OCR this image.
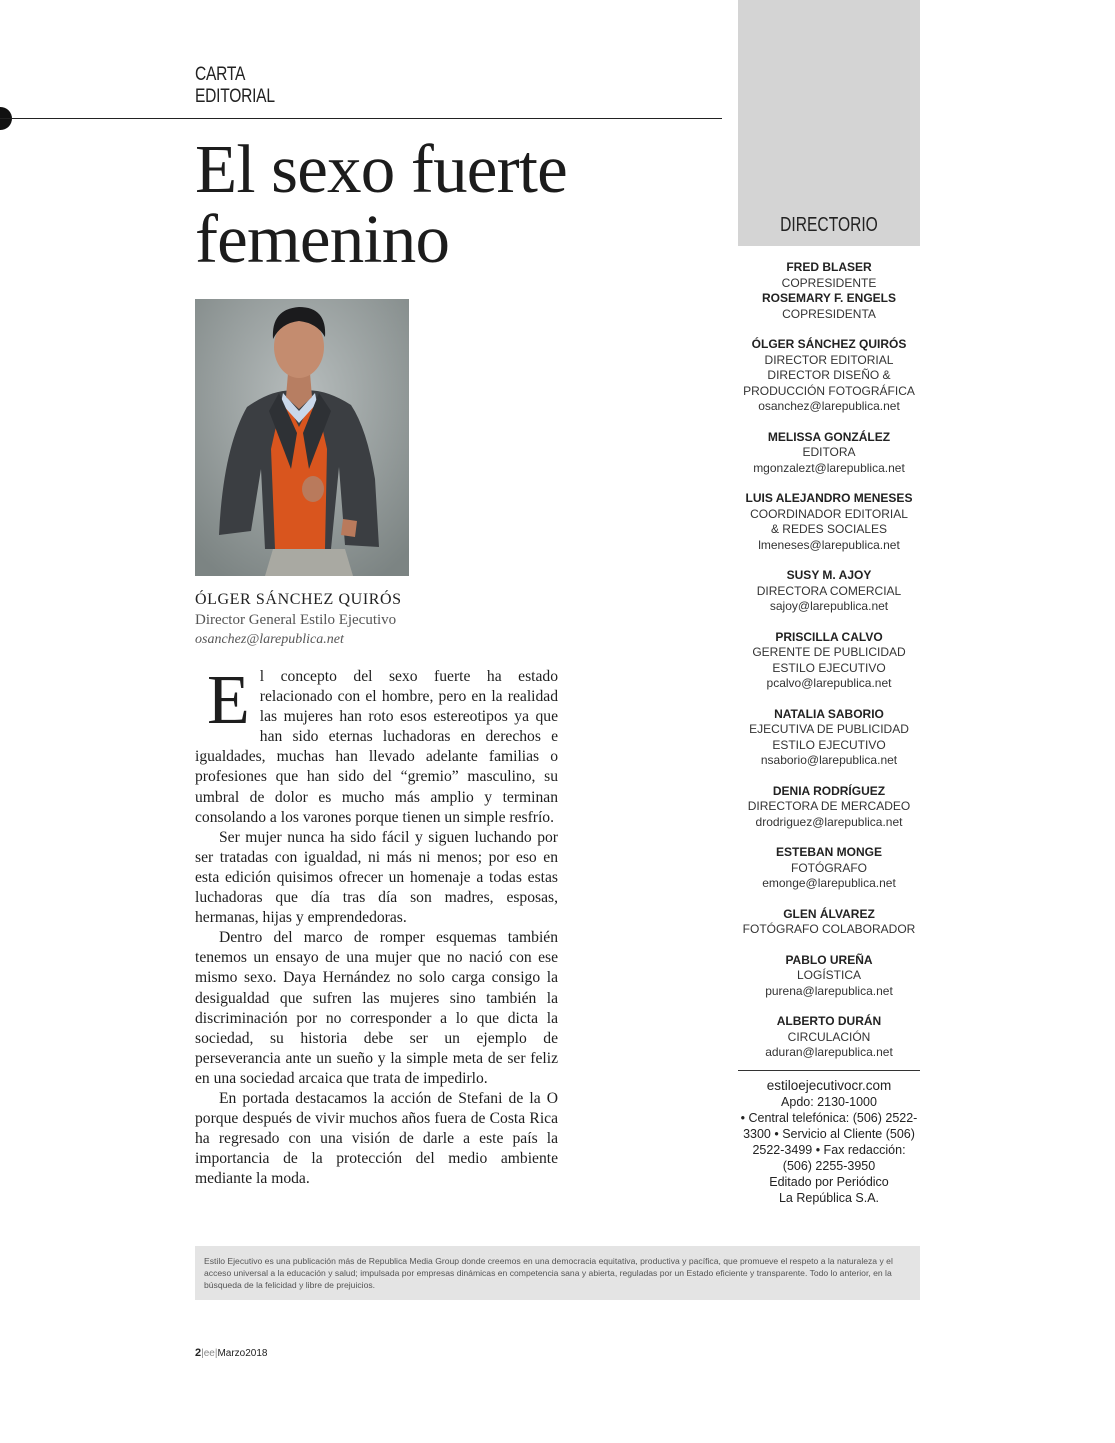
CARTA
EDITORIAL
El sexo fuerte
femenino
ÓLGER SÁNCHEZ QUIRÓS
Director General Estilo Ejecutivo
osanchez@larepublica.net

El concepto del sexo fuerte ha estado relacionado con el hombre, pero en la realidad las mujeres han roto esos estereotipos ya que han sido eternas luchadoras en derechos e igualdades, muchas han llevado adelante familias o profesiones que han sido del “gremio” masculino, su umbral de dolor es mucho más amplio y terminan consolando a los varones porque tienen un simple resfrío.

Ser mujer nunca ha sido fácil y siguen luchando por ser tratadas con igualdad, ni más ni menos; por eso en esta edición quisimos ofrecer un homenaje a todas estas luchadoras que día tras día son madres, esposas, hermanas, hijas y emprendedoras.

Dentro del marco de romper esquemas también tenemos un ensayo de una mujer que no nació con ese mismo sexo. Daya Hernández no solo carga consigo la desigualdad que sufren las mujeres sino también la discriminación por no corresponder a lo que dicta la sociedad, su historia debe ser un ejemplo de perseverancia ante un sueño y la simple meta de ser feliz en una sociedad arcaica que trata de impedirlo.

En portada destacamos la acción de Stefani de la O porque después de vivir muchos años fuera de Costa Rica ha regresado con una visión de darle a este país la importancia de la protección del medio ambiente mediante la moda.

DIRECTORIO
FRED BLASER
COPRESIDENTE
ROSEMARY F. ENGELS
COPRESIDENTA
ÓLGER SÁNCHEZ QUIRÓS
DIRECTOR EDITORIAL
DIRECTOR DISEÑO &
PRODUCCIÓN FOTOGRÁFICA
osanchez@larepublica.net
MELISSA GONZÁLEZ
EDITORA
mgonzalezt@larepublica.net
LUIS ALEJANDRO MENESES
COORDINADOR EDITORIAL
& REDES SOCIALES
lmeneses@larepublica.net
SUSY M. AJOY
DIRECTORA COMERCIAL
sajoy@larepublica.net
PRISCILLA CALVO
GERENTE DE PUBLICIDAD
ESTILO EJECUTIVO
pcalvo@larepublica.net
NATALIA SABORIO
EJECUTIVA DE PUBLICIDAD
ESTILO EJECUTIVO
nsaborio@larepublica.net
DENIA RODRÍGUEZ
DIRECTORA DE MERCADEO
drodriguez@larepublica.net
ESTEBAN MONGE
FOTÓGRAFO
emonge@larepublica.net
GLEN ÁLVAREZ
FOTÓGRAFO COLABORADOR
PABLO UREÑA
LOGÍSTICA
purena@larepublica.net
ALBERTO DURÁN
CIRCULACIÓN
aduran@larepublica.net
estiloejecutivocr.com
Apdo: 2130-1000
• Central telefónica: (506) 2522-
3300 • Servicio al Cliente (506)
2522-3499 • Fax redacción:
(506) 2255-3950
Editado por Periódico
La República S.A.
Estilo Ejecutivo es una publicación más de Republica Media Group donde creemos en una democracia equitativa, productiva y pacífica, que promueve el respeto a la naturaleza y el acceso universal a la educación y salud; impulsada por empresas dinámicas en competencia sana y abierta, reguladas por un Estado eficiente y transparente. Todo lo anterior, en la búsqueda de la felicidad y libre de prejuicios.
2|ee|Marzo2018
